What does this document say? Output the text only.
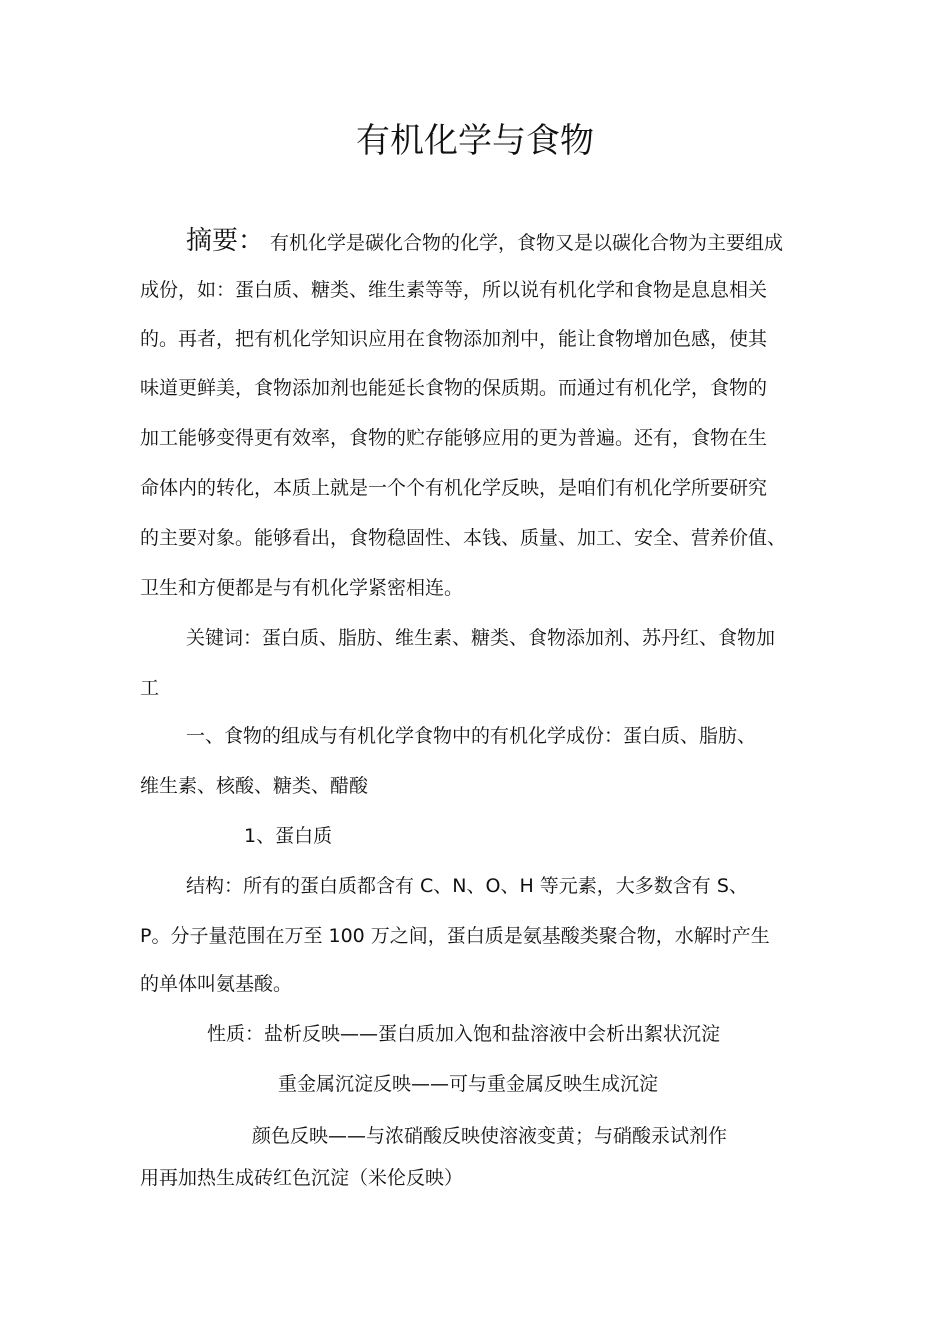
有机化学与食物
摘要： 有机化学是碳化合物的化学，食物又是以碳化合物为主要组成
成份，如：蛋白质、糖类、维生素等等，所以说有机化学和食物是息息相关
的。再者，把有机化学知识应用在食物添加剂中，能让食物增加色感，使其
味道更鲜美，食物添加剂也能延长食物的保质期。而通过有机化学，食物的
加工能够变得更有效率，食物的贮存能够应用的更为普遍。还有，食物在生
命体内的转化，本质上就是一个个有机化学反映，是咱们有机化学所要研究
的主要对象。能够看出，食物稳固性、本钱、质量、加工、安全、营养价值、
卫生和方便都是与有机化学紧密相连。
关键词：蛋白质、脂肪、维生素、糖类、食物添加剂、苏丹红、食物加
工
一、食物的组成与有机化学食物中的有机化学成份：蛋白质、脂肪、
维生素、核酸、糖类、醋酸
1、蛋白质
结构：所有的蛋白质都含有 C、N、O、H 等元素，大多数含有 S、
P。分子量范围在万至 100 万之间，蛋白质是氨基酸类聚合物，水解时产生
的单体叫氨基酸。
性质：盐析反映——蛋白质加入饱和盐溶液中会析出絮状沉淀
重金属沉淀反映——可与重金属反映生成沉淀
颜色反映——与浓硝酸反映使溶液变黄；与硝酸汞试剂作
用再加热生成砖红色沉淀（米伦反映）
